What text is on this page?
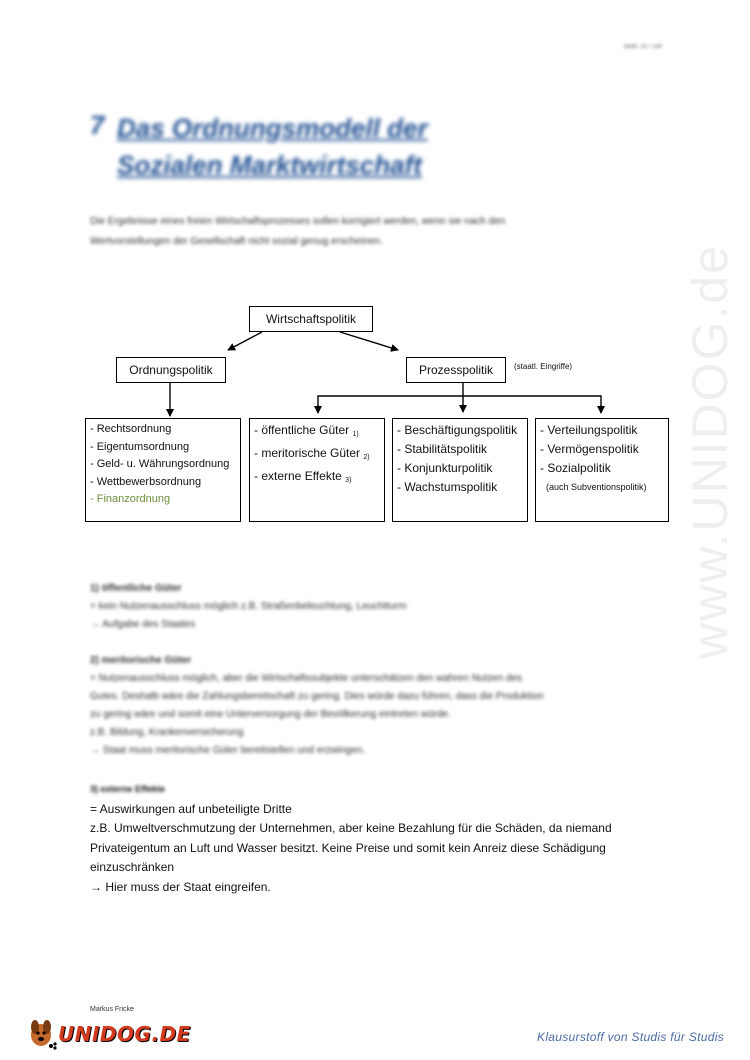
Seite: 25 / 144
7 Das Ordnungsmodell der
Sozialen Marktwirtschaft
Die Ergebnisse eines freien Wirtschaftsprozesses sollen korrigiert werden, wenn sie nach den
Wertvorstellungen der Gesellschaft nicht sozial genug erscheinen.
www.UNIDOG.de
Wirtschaftspolitik
Ordnungspolitik	Prozesspolitik	(staatl. Eingriffe)
- Rechtsordnung
- Eigentumsordnung
- Geld- u. Währungsordnung
- Wettbewerbsordnung
- Finanzordnung
- öffentliche Güter $_{1)}$
- meritorische Güter $_{2)}$
- externe Effekte $_{3)}$
- Beschäftigungspolitik
- Stabilitätspolitik
- Konjunkturpolitik
- Wachstumspolitik
- Verteilungspolitik
- Vermögenspolitik
- Sozialpolitik
(auch Subventionspolitik)
1) öffentliche Güter
= kein Nutzenausschluss möglich z.B. Straßenbeleuchtung, Leuchtturm
→ Aufgabe des Staates
2) meritorische Güter
= Nutzenausschluss möglich, aber die Wirtschaftssubjekte unterschätzen den wahren Nutzen des
Gutes. Deshalb wäre die Zahlungsbereitschaft zu gering. Dies würde dazu führen, dass die Produktion
zu gering wäre und somit eine Unterversorgung der Bevölkerung eintreten würde.
z.B. Bildung, Krankenversicherung
→ Staat muss meritorische Güter bereitstellen und erzwingen.
3) externe Effekte
= Auswirkungen auf unbeteiligte Dritte
z.B. Umweltverschmutzung der Unternehmen, aber keine Bezahlung für die Schäden, da niemand
Privateigentum an Luft und Wasser besitzt. Keine Preise und somit kein Anreiz diese Schädigung
einzuschränken
→ Hier muss der Staat eingreifen.
Markus Fricke
UNIDOG.DE	Klausurstoff von Studis für Studis
